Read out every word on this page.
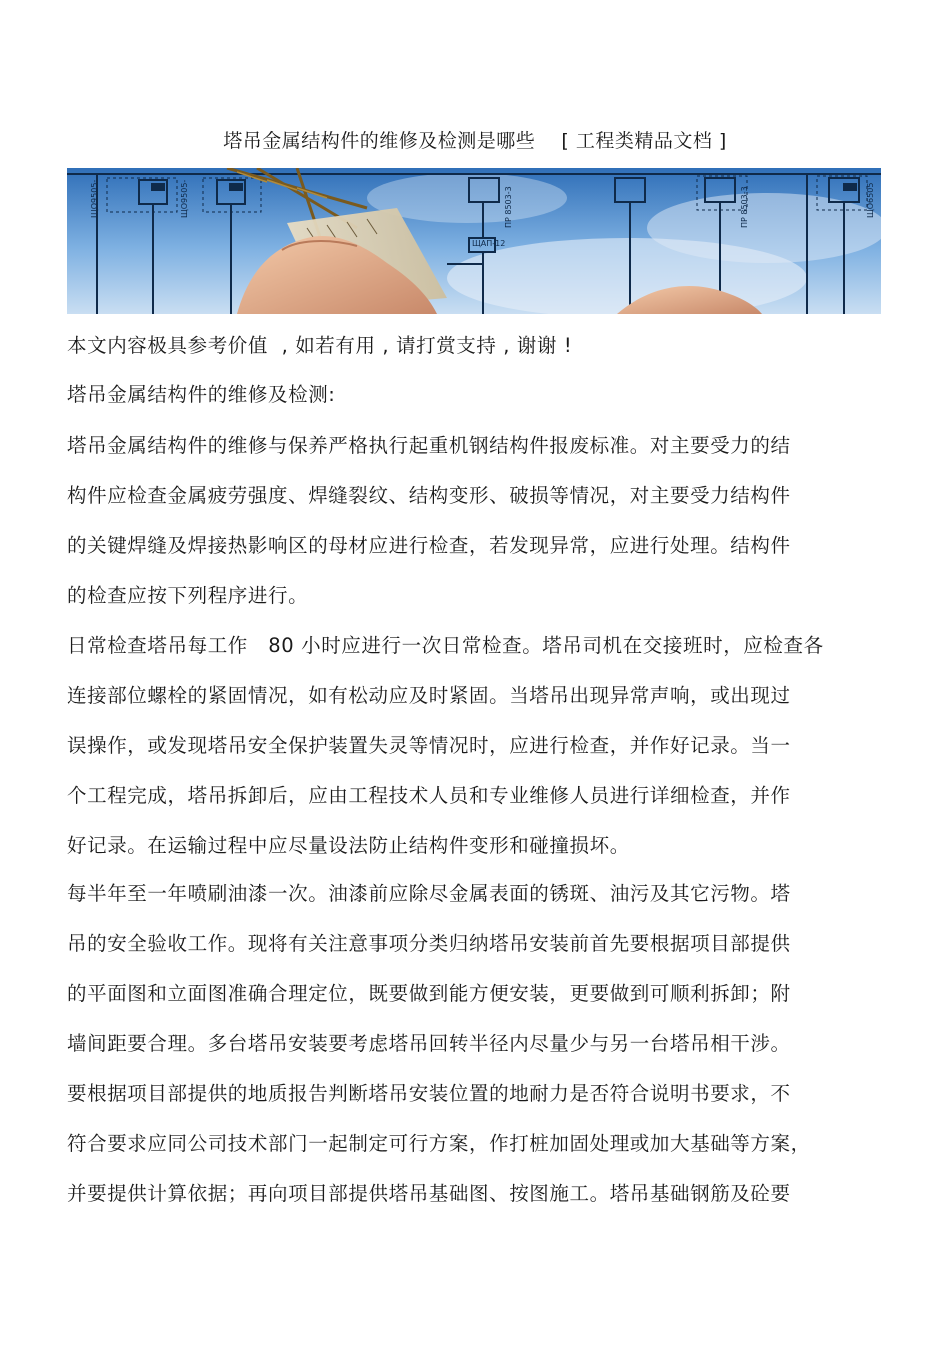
塔吊金属结构件的维修及检测是哪些    [ 工程类精品文档 ]
ЩАП-12
ПР 8503-3	ПР 8503-3
ЩО9505-	ЩО9505-	ЩО6505
本文内容极具参考价值  , 如若有用 , 请打赏支持 , 谢谢 !
塔吊金属结构件的维修及检测:
塔吊金属结构件的维修与保养严格执行起重机钢结构件报废标准。对主要受力的结
构件应检查金属疲劳强度、焊缝裂纹、结构变形、破损等情况，对主要受力结构件
的关键焊缝及焊接热影响区的母材应进行检查，若发现异常，应进行处理。结构件
的检查应按下列程序进行。
日常检查塔吊每工作   80 小时应进行一次日常检查。塔吊司机在交接班时，应检查各
连接部位螺栓的紧固情况，如有松动应及时紧固。当塔吊出现异常声响，或出现过
误操作，或发现塔吊安全保护装置失灵等情况时，应进行检查，并作好记录。当一
个工程完成，塔吊拆卸后，应由工程技术人员和专业维修人员进行详细检查，并作
好记录。在运输过程中应尽量设法防止结构件变形和碰撞损坏。
每半年至一年喷刷油漆一次。油漆前应除尽金属表面的锈斑、油污及其它污物。塔
吊的安全验收工作。现将有关注意事项分类归纳塔吊安装前首先要根据项目部提供
的平面图和立面图准确合理定位，既要做到能方便安装，更要做到可顺利拆卸；附
墙间距要合理。多台塔吊安装要考虑塔吊回转半径内尽量少与另一台塔吊相干涉。
要根据项目部提供的地质报告判断塔吊安装位置的地耐力是否符合说明书要求，不
符合要求应同公司技术部门一起制定可行方案，作打桩加固处理或加大基础等方案，
并要提供计算依据；再向项目部提供塔吊基础图、按图施工。塔吊基础钢筋及砼要
